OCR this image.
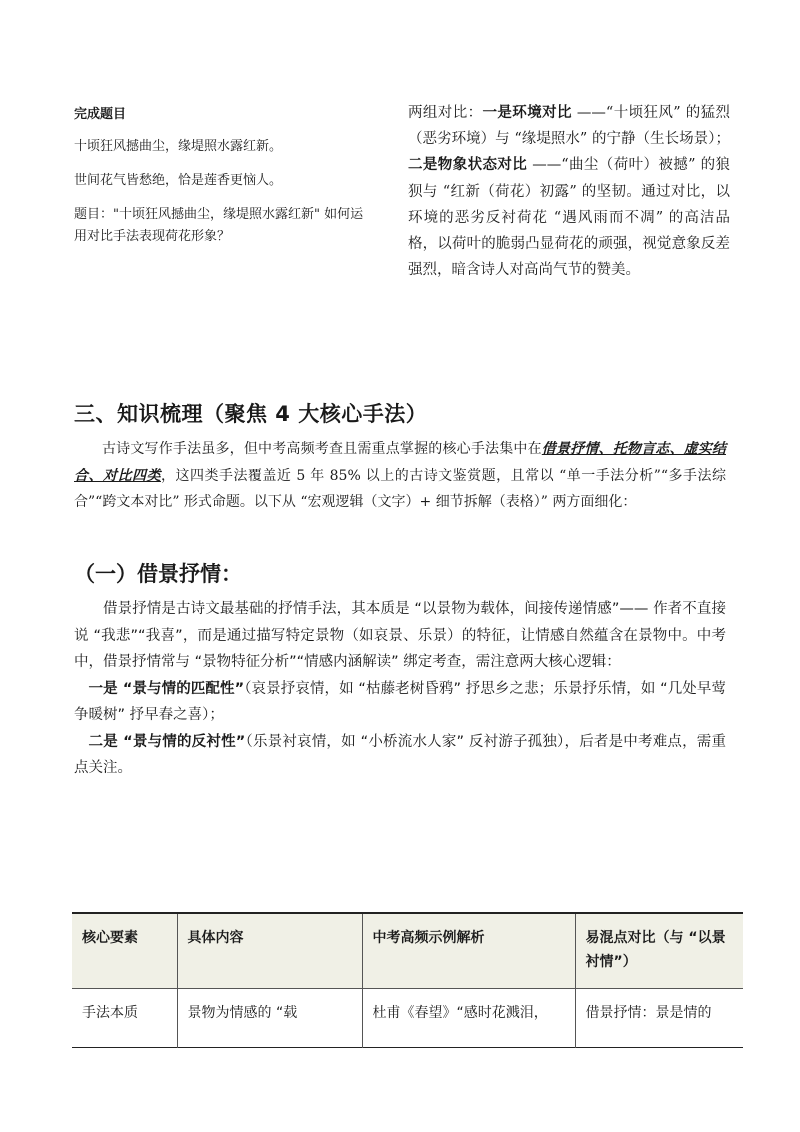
完成题目
十顷狂风撼曲尘，缘堤照水露红新。
世间花气皆愁绝，恰是莲香更恼人。
题目："十顷狂风撼曲尘，缘堤照水露红新" 如何运用对比手法表现荷花形象？
两组对比：一是环境对比 ——“十顷狂风” 的猛烈（恶劣环境）与 “缘堤照水” 的宁静（生长场景）；二是物象状态对比 ——“曲尘（荷叶）被撼” 的狼狈与 “红新（荷花）初露” 的坚韧。通过对比，以环境的恶劣反衬荷花 “遇风雨而不凋” 的高洁品格，以荷叶的脆弱凸显荷花的顽强，视觉意象反差强烈，暗含诗人对高尚气节的赞美。
三、知识梳理（聚焦 4 大核心手法）
古诗文写作手法虽多，但中考高频考查且需重点掌握的核心手法集中在借景抒情、托物言志、虚实结合、对比四类，这四类手法覆盖近 5 年 85% 以上的古诗文鉴赏题，且常以 “单一手法分析”“多手法综合”“跨文本对比” 形式命题。以下从 “宏观逻辑（文字）+ 细节拆解（表格）” 两方面细化：
（一）借景抒情：

借景抒情是古诗文最基础的抒情手法，其本质是 “以景物为载体，间接传递情感”—— 作者不直接说 “我悲”“我喜”，而是通过描写特定景物（如哀景、乐景）的特征，让情感自然蕴含在景物中。中考中，借景抒情常与 “景物特征分析”“情感内涵解读” 绑定考查，需注意两大核心逻辑：

一是 “景与情的匹配性”（哀景抒哀情，如 “枯藤老树昏鸦” 抒思乡之悲；乐景抒乐情，如 “几处早莺争暖树” 抒早春之喜）；

二是 “景与情的反衬性”（乐景衬哀情，如 “小桥流水人家” 反衬游子孤独），后者是中考难点，需重点关注。

核心要素	具体内容	中考高频示例解析	易混点对比（与 “以景衬情”）
手法本质	景物为情感的 “载	杜甫《春望》“感时花溅泪，	借景抒情：景是情的
